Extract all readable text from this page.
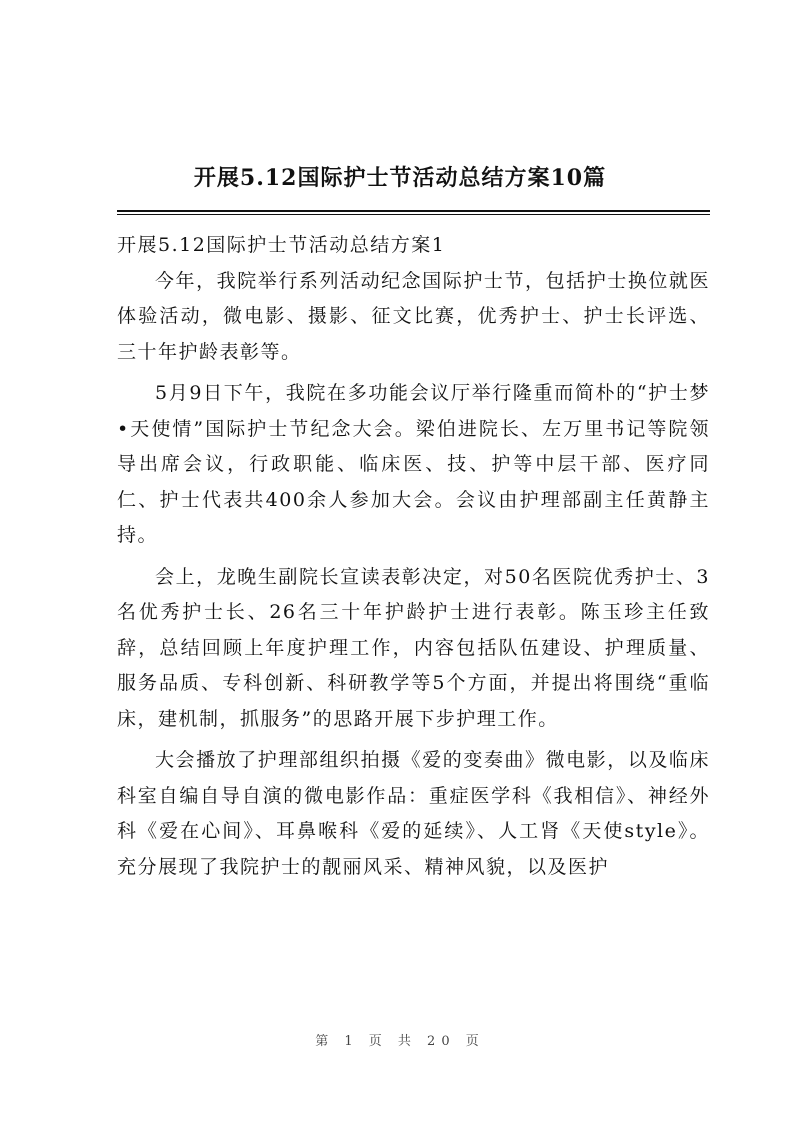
开展5.12国际护士节活动总结方案10篇

开展5.12国际护士节活动总结方案1

今年，我院举行系列活动纪念国际护士节，包括护士换位就医体验活动，微电影、摄影、征文比赛，优秀护士、护士长评选、三十年护龄表彰等。

5月9日下午，我院在多功能会议厅举行隆重而简朴的“护士梦•天使情”国际护士节纪念大会。梁伯进院长、左万里书记等院领导出席会议，行政职能、临床医、技、护等中层干部、医疗同仁、护士代表共400余人参加大会。会议由护理部副主任黄静主持。

会上，龙晚生副院长宣读表彰决定，对50名医院优秀护士、3名优秀护士长、26名三十年护龄护士进行表彰。陈玉珍主任致辞，总结回顾上年度护理工作，内容包括队伍建设、护理质量、服务品质、专科创新、科研教学等5个方面，并提出将围绕“重临床，建机制，抓服务”的思路开展下步护理工作。

大会播放了护理部组织拍摄《爱的变奏曲》微电影，以及临床科室自编自导自演的微电影作品：重症医学科《我相信》、神经外科《爱在心间》、耳鼻喉科《爱的延续》、人工肾《天使style》。充分展现了我院护士的靓丽风采、精神风貌，以及医护

第 1 页 共 20 页
